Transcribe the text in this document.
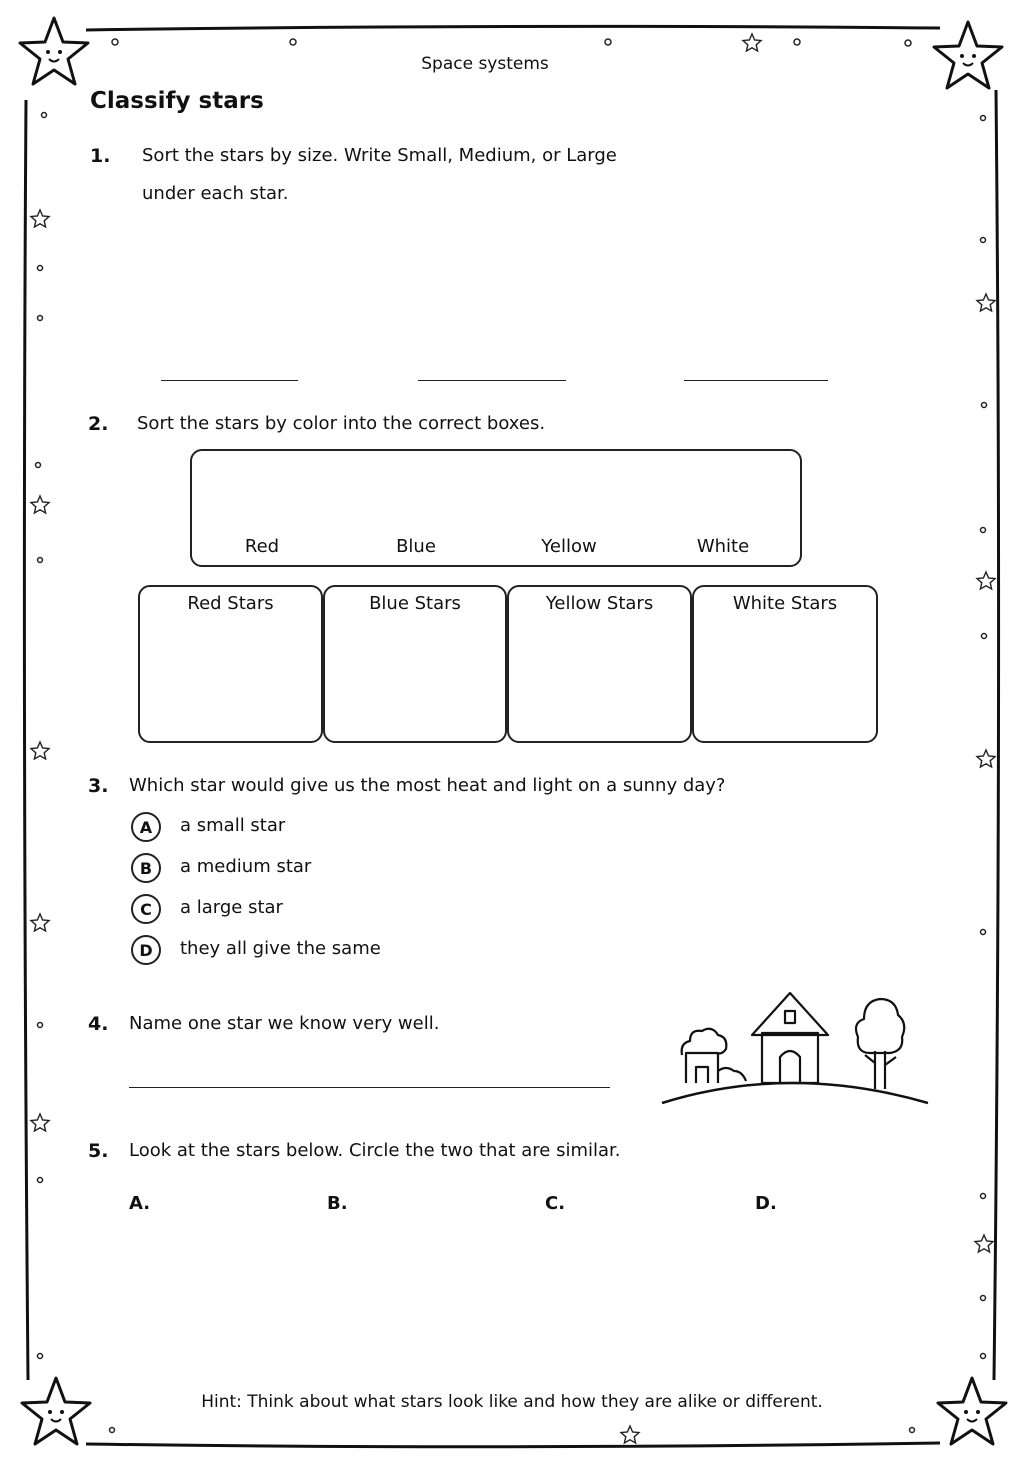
Space systems
Classify stars
1. Sort the stars by size. Write Small, Medium, or Large
under each star.
2. Sort the stars by color into the correct boxes.
Red	Blue	Yellow	White
Red Stars	Blue Stars	Yellow Stars	White Stars
3. Which star would give us the most heat and light on a sunny day?
A	a small star
B	a medium star
C	a large star
D	they all give the same
4. Name one star we know very well.
5. Look at the stars below. Circle the two that are similar.
A.	B.	C.	D.
Hint: Think about what stars look like and how they are alike or different.
